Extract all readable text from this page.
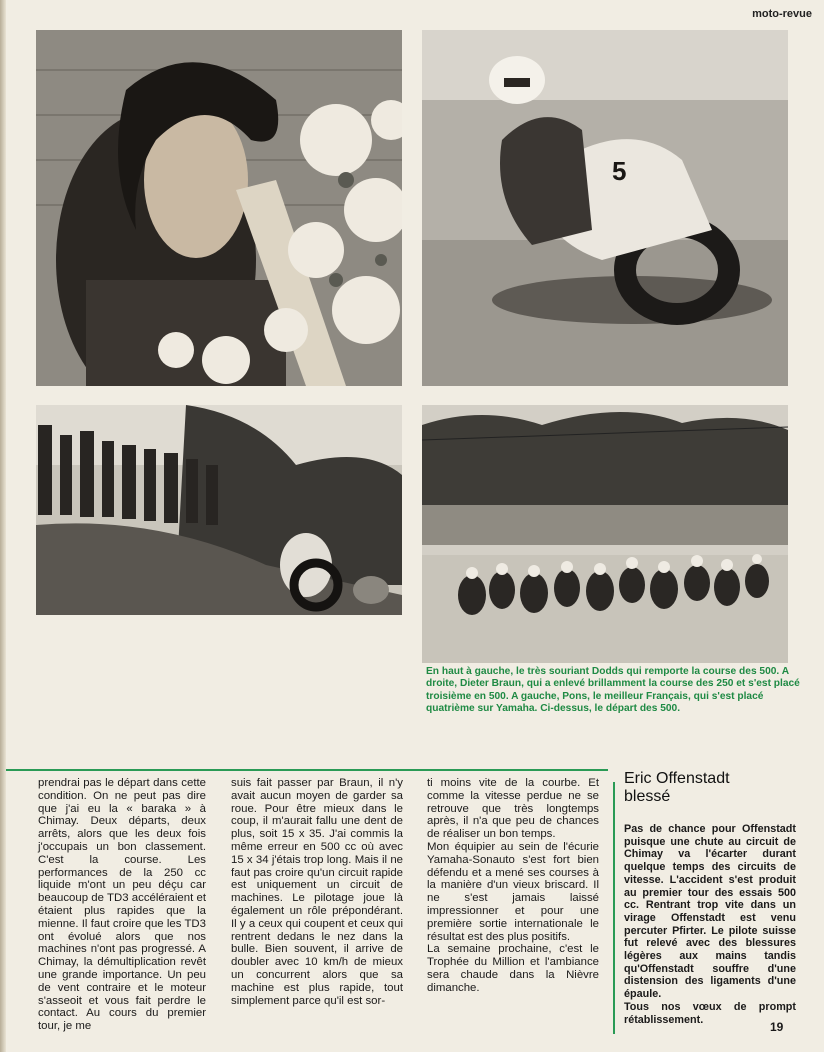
moto-revue
5
En haut à gauche, le très souriant Dodds qui remporte la course des 500. A droite, Dieter Braun, qui a enlevé brillamment la course des 250 et s'est placé troisième en 500. A gauche, Pons, le meilleur Français, qui s'est placé quatrième sur Yamaha. Ci-dessus, le départ des 500.
prendrai pas le départ dans cette condition. On ne peut pas dire que j'ai eu la « baraka » à Chimay. Deux départs, deux arrêts, alors que les deux fois j'occupais un bon classement. C'est la course. Les performances de la 250 cc liquide m'ont un peu déçu car beaucoup de TD3 accéléraient et étaient plus rapides que la mienne. Il faut croire que les TD3 ont évolué alors que nos machines n'ont pas progressé. A Chimay, la démultiplication revêt une grande importance. Un peu de vent contraire et le moteur s'asseoit et vous fait perdre le contact. Au cours du premier tour, je me
suis fait passer par Braun, il n'y avait aucun moyen de garder sa roue. Pour être mieux dans le coup, il m'aurait fallu une dent de plus, soit 15 x 35. J'ai commis la même erreur en 500 cc où avec 15 x 34 j'étais trop long. Mais il ne faut pas croire qu'un circuit rapide est uniquement un circuit de machines. Le pilotage joue là également un rôle prépondérant. Il y a ceux qui coupent et ceux qui rentrent dedans le nez dans la bulle. Bien souvent, il arrive de doubler avec 10 km/h de mieux un concurrent alors que sa machine est plus rapide, tout simplement parce qu'il est sor-
ti moins vite de la courbe. Et comme la vitesse perdue ne se retrouve que très longtemps après, il n'a que peu de chances de réaliser un bon temps.
Mon équipier au sein de l'écurie Yamaha-Sonauto s'est fort bien défendu et a mené ses courses à la manière d'un vieux briscard. Il ne s'est jamais laissé impressionner et pour une première sortie internationale le résultat est des plus positifs.
La semaine prochaine, c'est le Trophée du Million et l'ambiance sera chaude dans la Nièvre dimanche.
Eric Offenstadt
blessé
Pas de chance pour Offenstadt puisque une chute au circuit de Chimay va l'écarter durant quelque temps des circuits de vitesse. L'accident s'est produit au premier tour des essais 500 cc. Rentrant trop vite dans un virage Offenstadt est venu percuter Pfirter. Le pilote suisse fut relevé avec des blessures légères aux mains tandis qu'Offenstadt souffre d'une distension des ligaments d'une épaule.
Tous nos vœux de prompt rétablissement.
19
